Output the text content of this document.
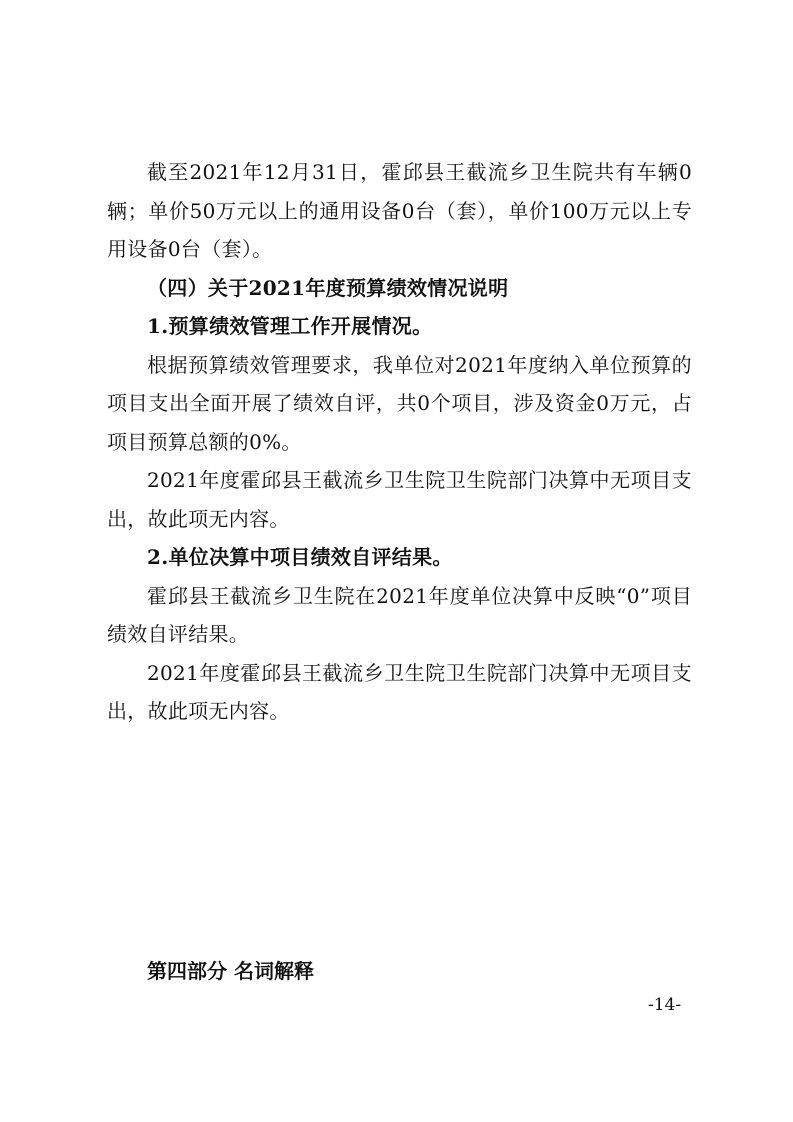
截至2021年12月31日，霍邱县王截流乡卫生院共有车辆0辆；单价50万元以上的通用设备0台（套），单价100万元以上专用设备0台（套）。

（四）关于2021年度预算绩效情况说明

1.预算绩效管理工作开展情况。

根据预算绩效管理要求，我单位对2021年度纳入单位预算的项目支出全面开展了绩效自评，共0个项目，涉及资金0万元，占项目预算总额的0%。

2021年度霍邱县王截流乡卫生院卫生院部门决算中无项目支出，故此项无内容。

2.单位决算中项目绩效自评结果。

霍邱县王截流乡卫生院在2021年度单位决算中反映“0”项目绩效自评结果。

2021年度霍邱县王截流乡卫生院卫生院部门决算中无项目支出，故此项无内容。

第四部分 名词解释

-14-
